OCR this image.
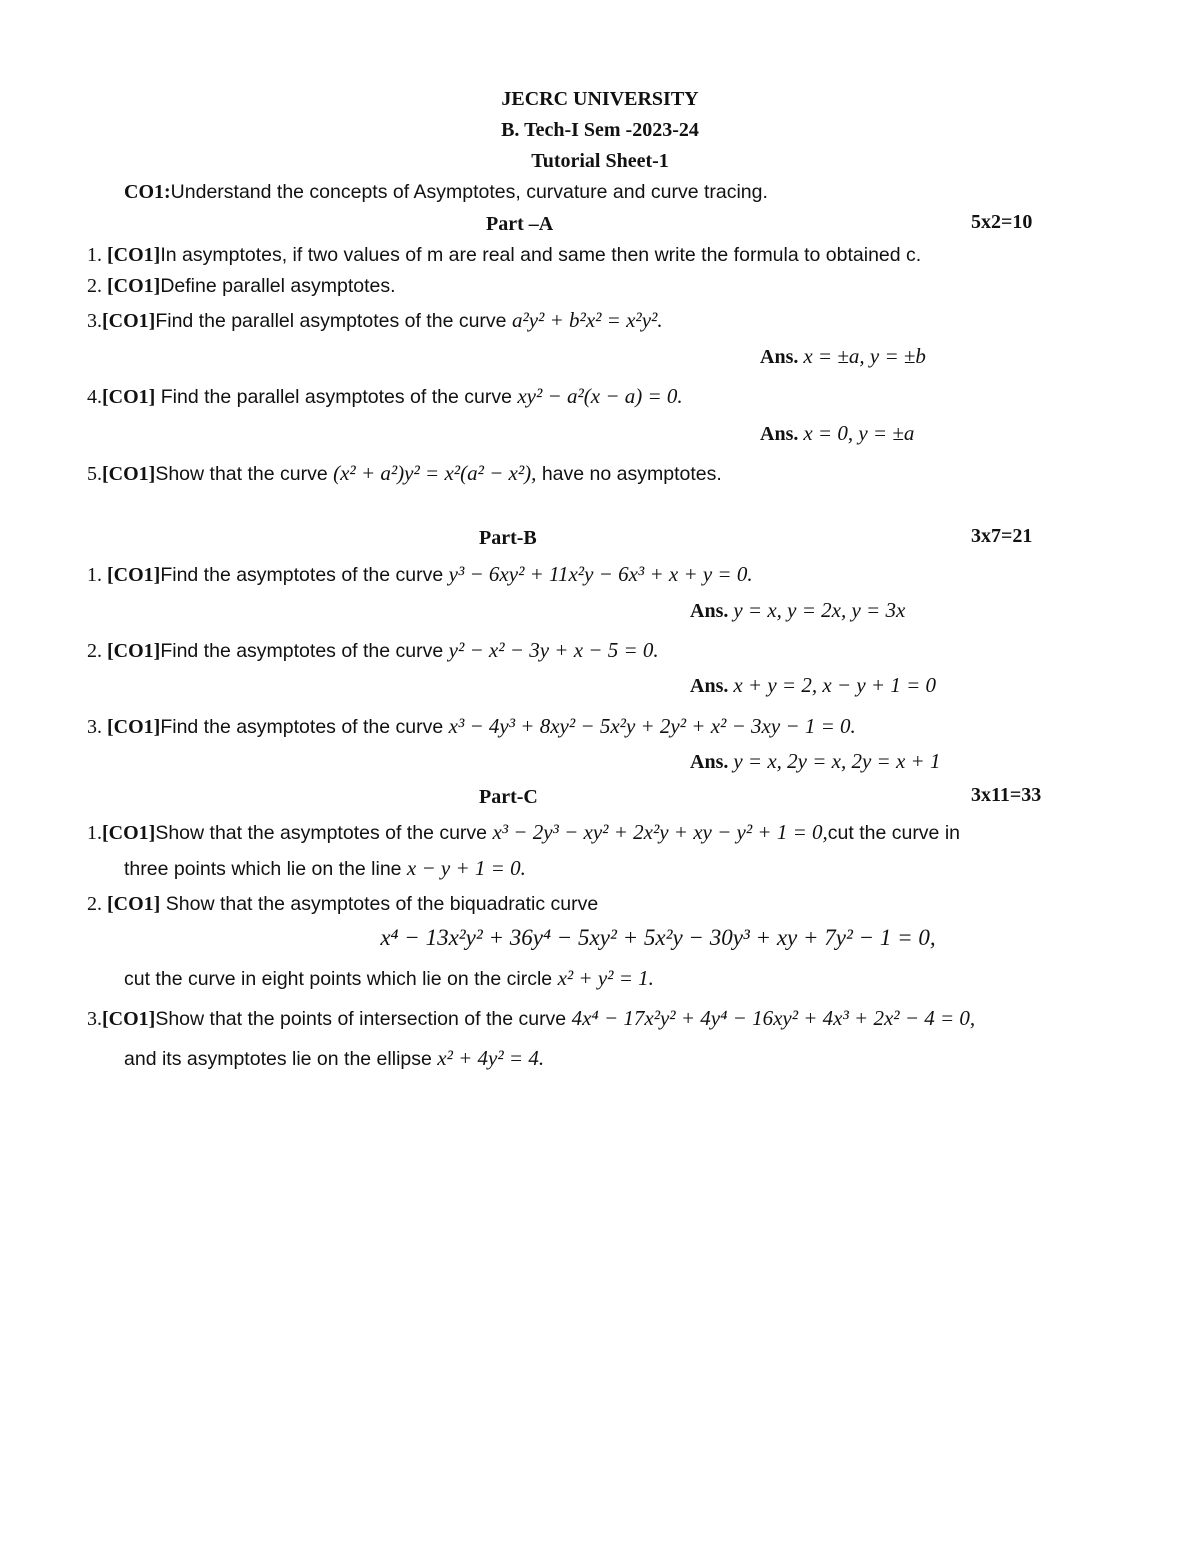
JECRC UNIVERSITY
B. Tech-I Sem -2023-24
Tutorial Sheet-1
CO1:Understand the concepts of Asymptotes, curvature and curve tracing.
Part –A	5x2=10
1. [CO1]In asymptotes, if two values of m are real and same then write the formula to obtained c.
2. [CO1]Define parallel asymptotes.
3.[CO1]Find the parallel asymptotes of the curve a²y² + b²x² = x²y².
Ans. x = ±a, y = ±b
4.[CO1] Find the parallel asymptotes of the curve xy² − a²(x − a) = 0.
Ans. x = 0, y = ±a
5.[CO1]Show that the curve (x² + a²)y² = x²(a² − x²), have no asymptotes.
Part-B	3x7=21
1. [CO1]Find the asymptotes of the curve y³ − 6xy² + 11x²y − 6x³ + x + y = 0.
Ans. y = x, y = 2x, y = 3x
2. [CO1]Find the asymptotes of the curve y² − x² − 3y + x − 5 = 0.
Ans. x + y = 2, x − y + 1 = 0
3. [CO1]Find the asymptotes of the curve x³ − 4y³ + 8xy² − 5x²y + 2y² + x² − 3xy − 1 = 0.
Ans. y = x, 2y = x, 2y = x + 1
Part-C	3x11=33
1.[CO1]Show that the asymptotes of the curve x³ − 2y³ − xy² + 2x²y + xy − y² + 1 = 0,cut the curve in
three points which lie on the line x − y + 1 = 0.
2. [CO1] Show that the asymptotes of the biquadratic curve
x⁴ − 13x²y² + 36y⁴ − 5xy² + 5x²y − 30y³ + xy + 7y² − 1 = 0,
cut the curve in eight points which lie on the circle x² + y² = 1.
3.[CO1]Show that the points of intersection of the curve 4x⁴ − 17x²y² + 4y⁴ − 16xy² + 4x³ + 2x² − 4 = 0,
and its asymptotes lie on the ellipse x² + 4y² = 4.
